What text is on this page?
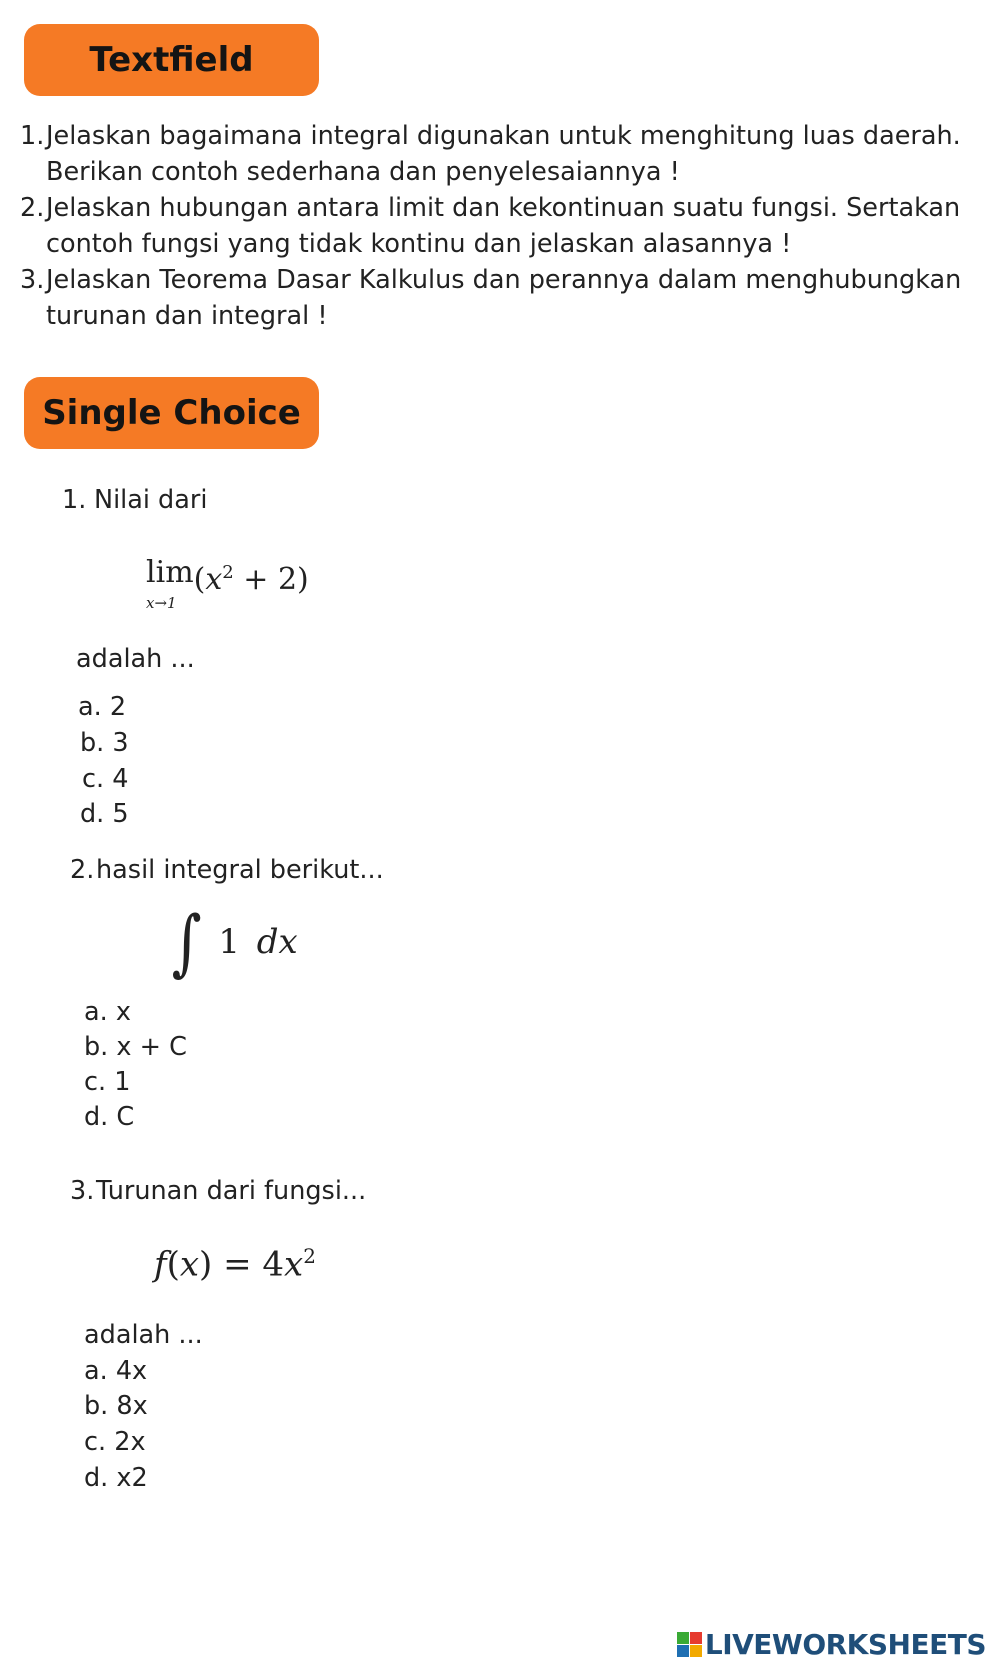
Textfield
1. Jelaskan bagaimana integral digunakan untuk menghitung luas daerah. Berikan contoh sederhana dan penyelesaiannya !
2. Jelaskan hubungan antara limit dan kekontinuan suatu fungsi. Sertakan contoh fungsi yang tidak kontinu dan jelaskan alasannya !
3. Jelaskan Teorema Dasar Kalkulus dan perannya dalam menghubungkan turunan dan integral !
Single Choice
1. Nilai dari
lim
x→1
$(x^2 + 2)$
adalah ...
a. 2
b. 3
c. 4
d. 5
2. hasil integral berikut...
∫ 1 dx
a. x
b. x + C
c. 1
d. C
3. Turunan dari fungsi...
$f(x) = 4x^2$
adalah ...
a. 4x
b. 8x
c. 2x
d. x2
LIVEWORKSHEETS
